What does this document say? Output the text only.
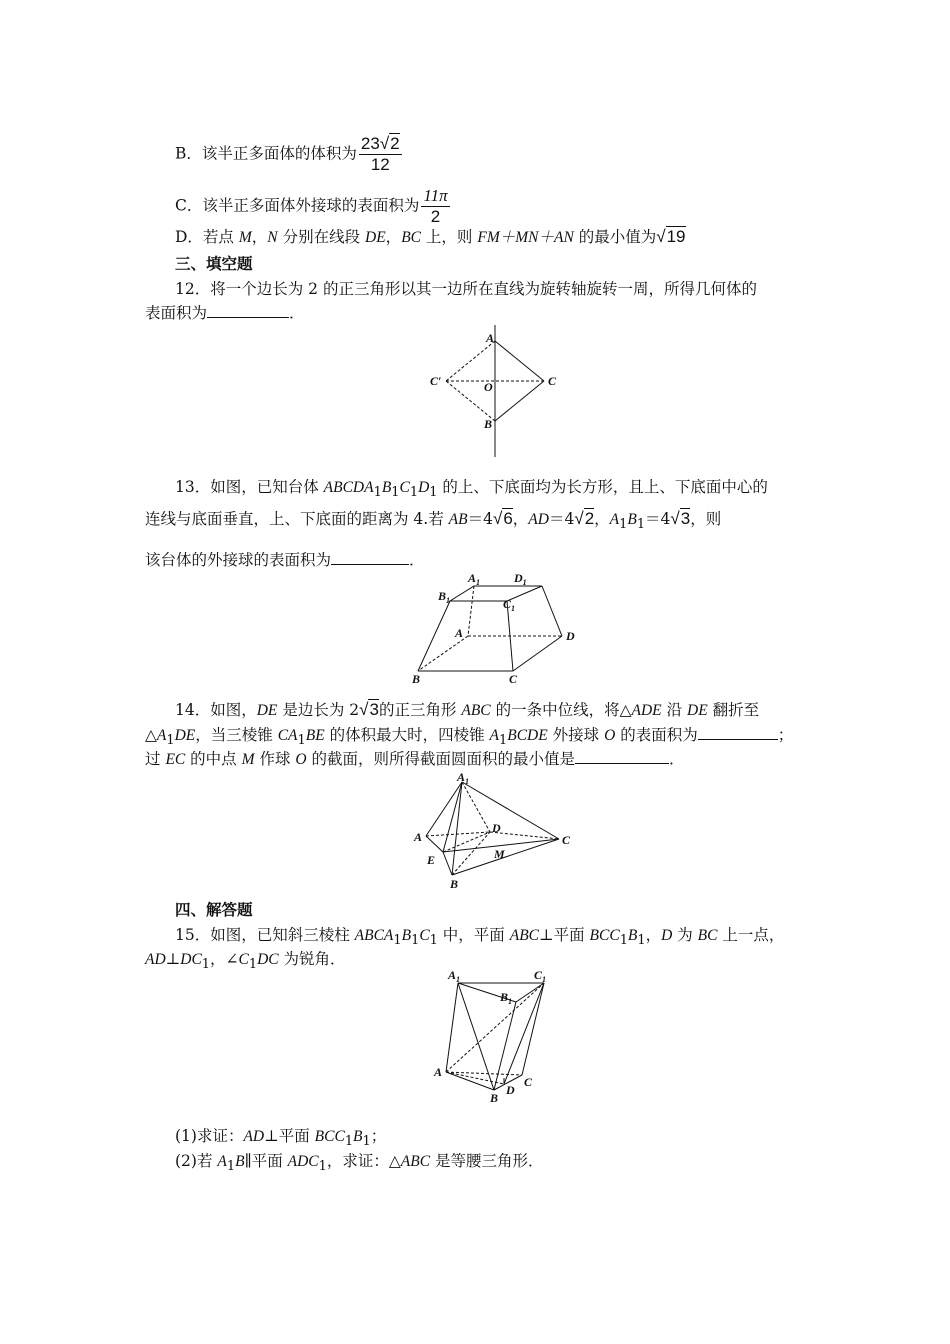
B．该半正多面体的体积为 $\frac{23√2}{12}$
C．该半正多面体外接球的表面积为 $\frac{11\pi}{2}$
D．若点 M，N 分别在线段 DE，BC 上，则 FM＋MN＋AN 的最小值为√19
三、填空题
12．将一个边长为 2 的正三角形以其一边所在直线为旋转轴旋转一周，所得几何体的
表面积为	．
A
C′	O	C
B
13．如图，已知台体 $ABCDA_1B_1C_1D_1$ 的上、下底面均为长方形，且上、下底面中心的
连线与底面垂直，上、下底面的距离为 4.若 AB＝4√6，AD＝4√2，$A_1B_1=4√3$，则
该台体的外接球的表面积为	．
$A_1$	$D_1$
$B_1$	$C_1$
A	D
B	C
14．如图，DE 是边长为 2√3的正三角形 ABC 的一条中位线，将△ADE 沿 DE 翻折至
$\triangle A_1DE$，当三棱锥 $CA_1BE$ 的体积最大时，四棱锥 $A_1BCDE$ 外接球 O 的表面积为	；
过 EC 的中点 M 作球 O 的截面，则所得截面圆面积的最小值是	．
$A_1$
D
A	C
M
E
B
四、解答题
15．如图，已知斜三棱柱 $ABCA_1B_1C_1$ 中，平面 ABC⊥平面 $BCC_1B_1$，D 为 BC 上一点，
$AD\perp DC_1$，$\angle C_1DC$ 为锐角．
$A_1$	$C_1$
$B_1$
A
B
D
C
(1)求证：AD⊥平面 $BCC_1B_1$；
(2)若 $A_1B\parallel$平面 $ADC_1$，求证：△ABC 是等腰三角形．
